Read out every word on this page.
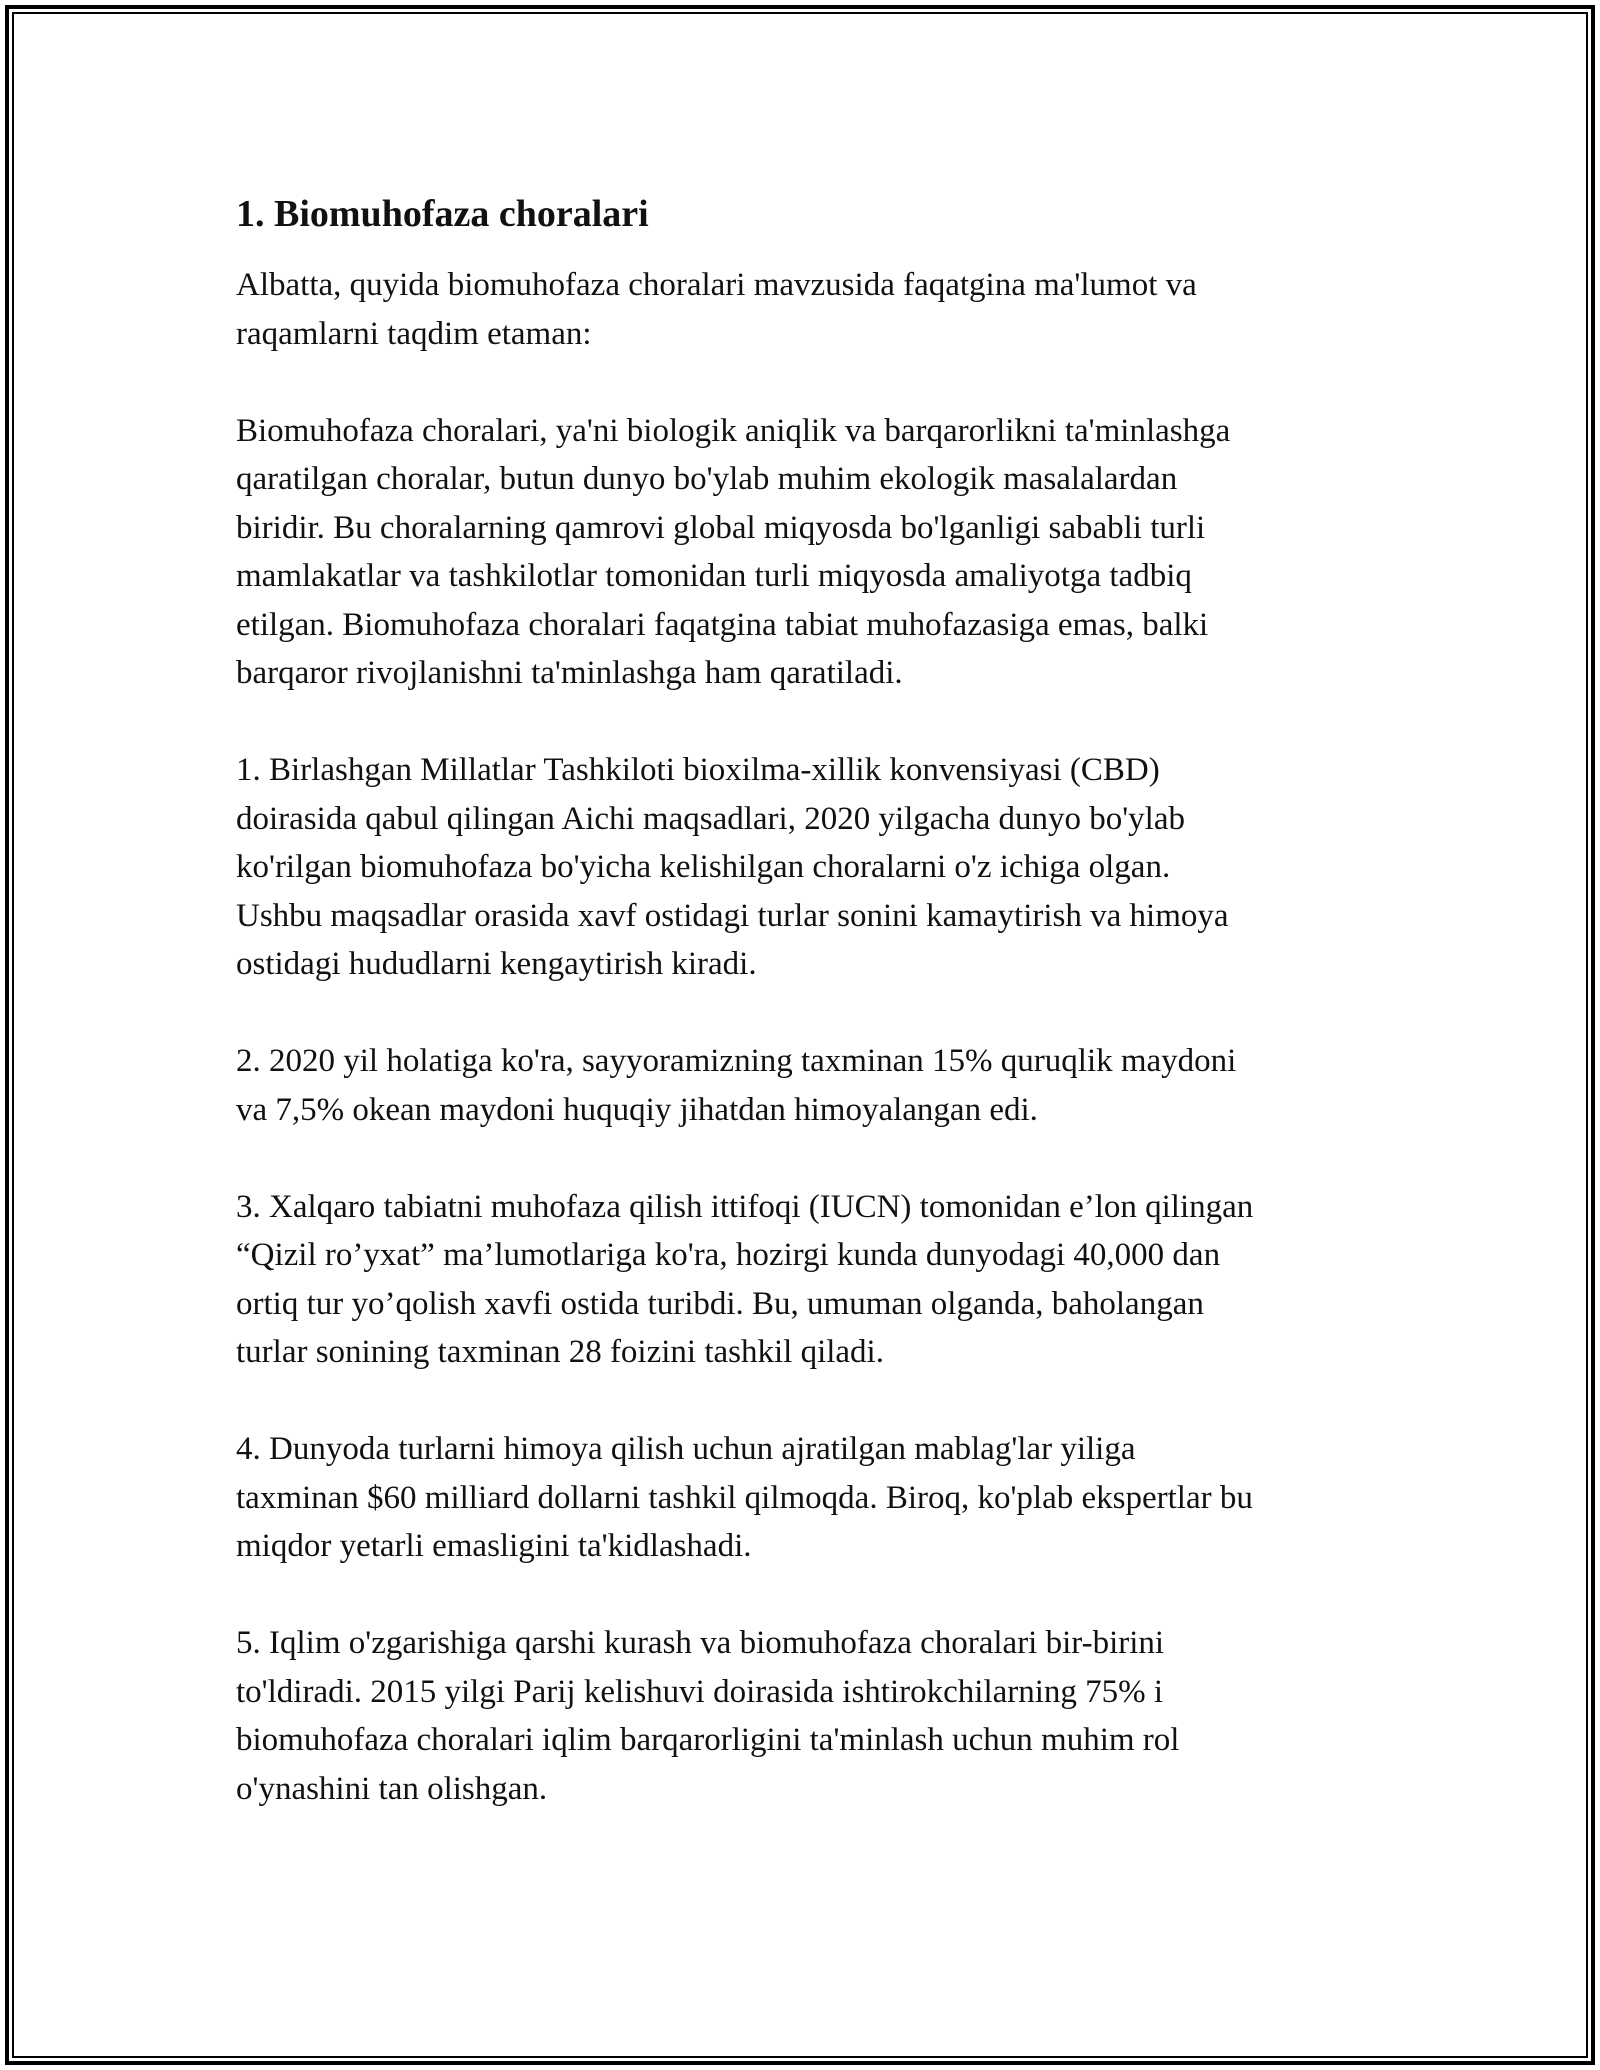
1. Biomuhofaza choralari

Albatta, quyida biomuhofaza choralari mavzusida faqatgina ma'lumot va
raqamlarni taqdim etaman:

Biomuhofaza choralari, ya'ni biologik aniqlik va barqarorlikni ta'minlashga
qaratilgan choralar, butun dunyo bo'ylab muhim ekologik masalalardan
biridir. Bu choralarning qamrovi global miqyosda bo'lganligi sababli turli
mamlakatlar va tashkilotlar tomonidan turli miqyosda amaliyotga tadbiq
etilgan. Biomuhofaza choralari faqatgina tabiat muhofazasiga emas, balki
barqaror rivojlanishni ta'minlashga ham qaratiladi.

1. Birlashgan Millatlar Tashkiloti bioxilma-xillik konvensiyasi (CBD)
doirasida qabul qilingan Aichi maqsadlari, 2020 yilgacha dunyo bo'ylab
ko'rilgan biomuhofaza bo'yicha kelishilgan choralarni o'z ichiga olgan.
Ushbu maqsadlar orasida xavf ostidagi turlar sonini kamaytirish va himoya
ostidagi hududlarni kengaytirish kiradi.

2. 2020 yil holatiga ko'ra, sayyoramizning taxminan 15% quruqlik maydoni
va 7,5% okean maydoni huquqiy jihatdan himoyalangan edi.

3. Xalqaro tabiatni muhofaza qilish ittifoqi (IUCN) tomonidan e’lon qilingan
“Qizil ro’yxat” ma’lumotlariga ko'ra, hozirgi kunda dunyodagi 40,000 dan
ortiq tur yo’qolish xavfi ostida turibdi. Bu, umuman olganda, baholangan
turlar sonining taxminan 28 foizini tashkil qiladi.

4. Dunyoda turlarni himoya qilish uchun ajratilgan mablag'lar yiliga
taxminan $60 milliard dollarni tashkil qilmoqda. Biroq, ko'plab ekspertlar bu
miqdor yetarli emasligini ta'kidlashadi.

5. Iqlim o'zgarishiga qarshi kurash va biomuhofaza choralari bir-birini
to'ldiradi. 2015 yilgi Parij kelishuvi doirasida ishtirokchilarning 75% i
biomuhofaza choralari iqlim barqarorligini ta'minlash uchun muhim rol
o'ynashini tan olishgan.
